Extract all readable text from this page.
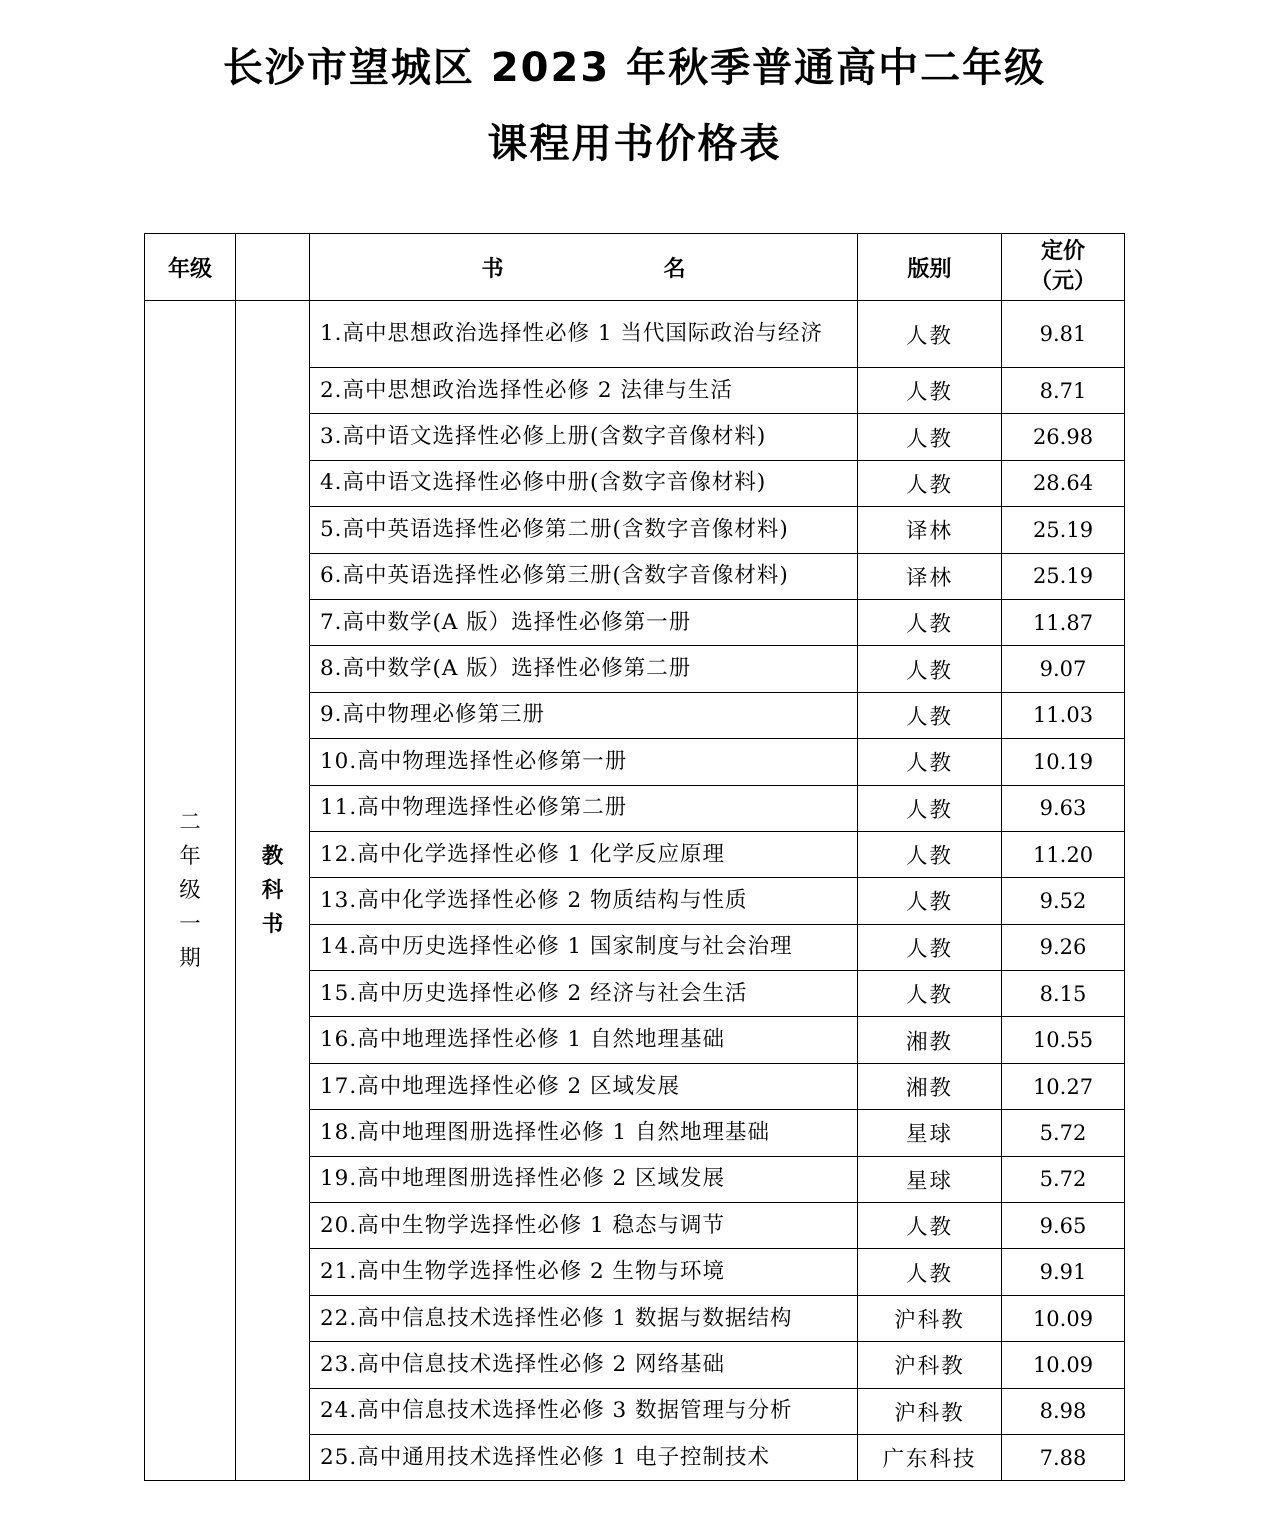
长沙市望城区 2023 年秋季普通高中二年级
课程用书价格表
年级		书 名	版别	定价
（元）

二
年
级
一
期	教
科
书	1.高中思想政治选择性必修 1 当代国际政治与经济	人教	9.81
		2.高中思想政治选择性必修 2 法律与生活	人教	8.71
		3.高中语文选择性必修上册(含数字音像材料)	人教	26.98
		4.高中语文选择性必修中册(含数字音像材料)	人教	28.64
		5.高中英语选择性必修第二册(含数字音像材料)	译林	25.19
		6.高中英语选择性必修第三册(含数字音像材料)	译林	25.19
		7.高中数学(A 版）选择性必修第一册	人教	11.87
		8.高中数学(A 版）选择性必修第二册	人教	9.07
		9.高中物理必修第三册	人教	11.03
		10.高中物理选择性必修第一册	人教	10.19
		11.高中物理选择性必修第二册	人教	9.63
		12.高中化学选择性必修 1 化学反应原理	人教	11.20
		13.高中化学选择性必修 2 物质结构与性质	人教	9.52
		14.高中历史选择性必修 1 国家制度与社会治理	人教	9.26
		15.高中历史选择性必修 2 经济与社会生活	人教	8.15
		16.高中地理选择性必修 1 自然地理基础	湘教	10.55
		17.高中地理选择性必修 2 区域发展	湘教	10.27
		18.高中地理图册选择性必修 1 自然地理基础	星球	5.72
		19.高中地理图册选择性必修 2 区域发展	星球	5.72
		20.高中生物学选择性必修 1 稳态与调节	人教	9.65
		21.高中生物学选择性必修 2 生物与环境	人教	9.91
		22.高中信息技术选择性必修 1 数据与数据结构	沪科教	10.09
		23.高中信息技术选择性必修 2 网络基础	沪科教	10.09
		24.高中信息技术选择性必修 3 数据管理与分析	沪科教	8.98
		25.高中通用技术选择性必修 1 电子控制技术	广东科技	7.88
